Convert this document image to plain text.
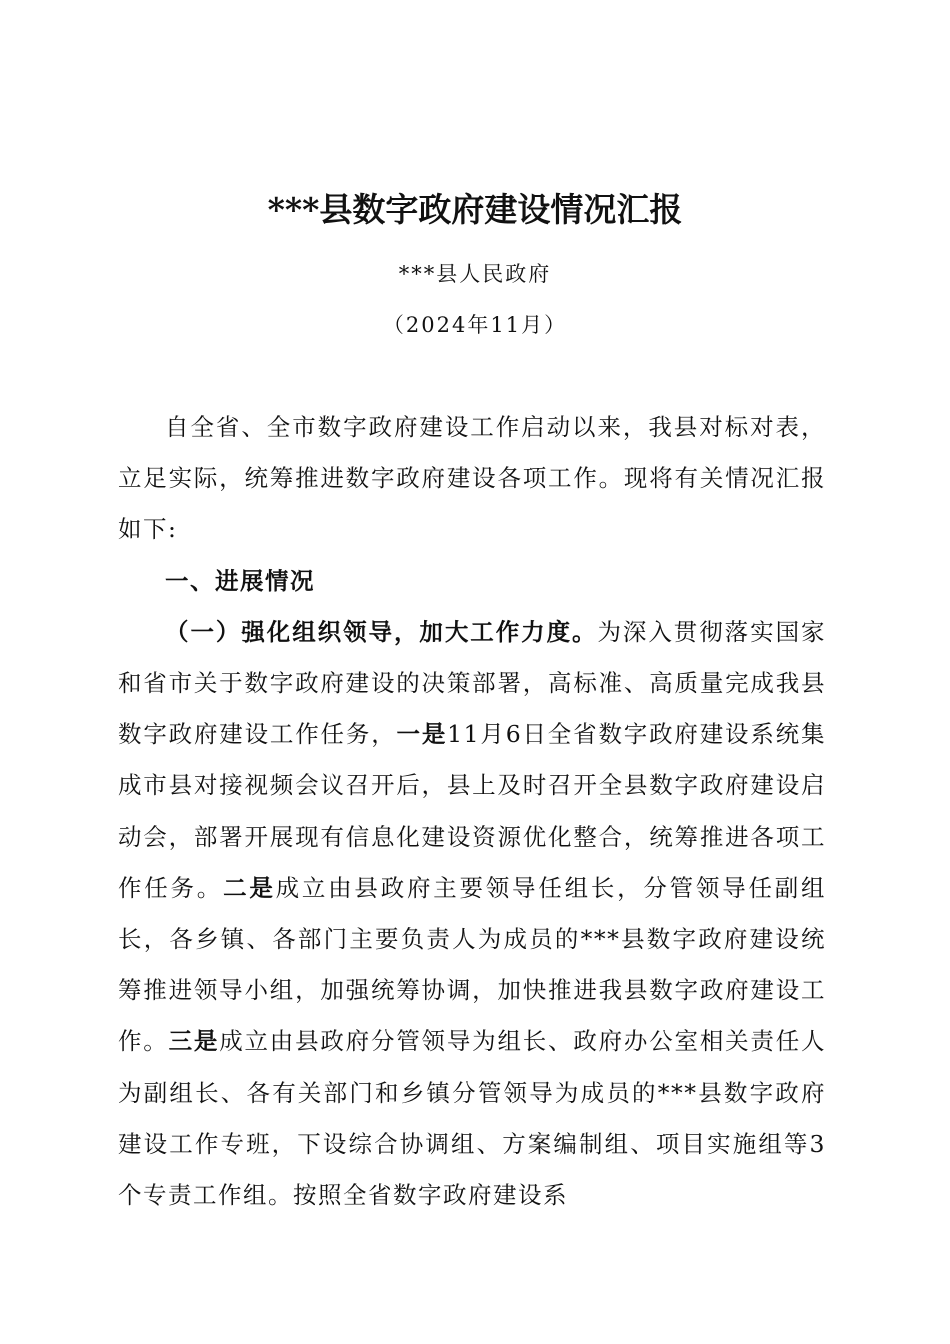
***县数字政府建设情况汇报
***县人民政府
（2024年11月）

自全省、全市数字政府建设工作启动以来，我县对标对表，立足实际，统筹推进数字政府建设各项工作。现将有关情况汇报如下:

一、进展情况

（一）强化组织领导，加大工作力度。为深入贯彻落实国家和省市关于数字政府建设的决策部署，高标准、高质量完成我县数字政府建设工作任务，一是11月6日全省数字政府建设系统集成市县对接视频会议召开后，县上及时召开全县数字政府建设启动会，部署开展现有信息化建设资源优化整合，统筹推进各项工作任务。二是成立由县政府主要领导任组长，分管领导任副组长，各乡镇、各部门主要负责人为成员的***县数字政府建设统筹推进领导小组，加强统筹协调，加快推进我县数字政府建设工作。三是成立由县政府分管领导为组长、政府办公室相关责任人为副组长、各有关部门和乡镇分管领导为成员的***县数字政府建设工作专班，下设综合协调组、方案编制组、项目实施组等3个专责工作组。按照全省数字政府建设系
